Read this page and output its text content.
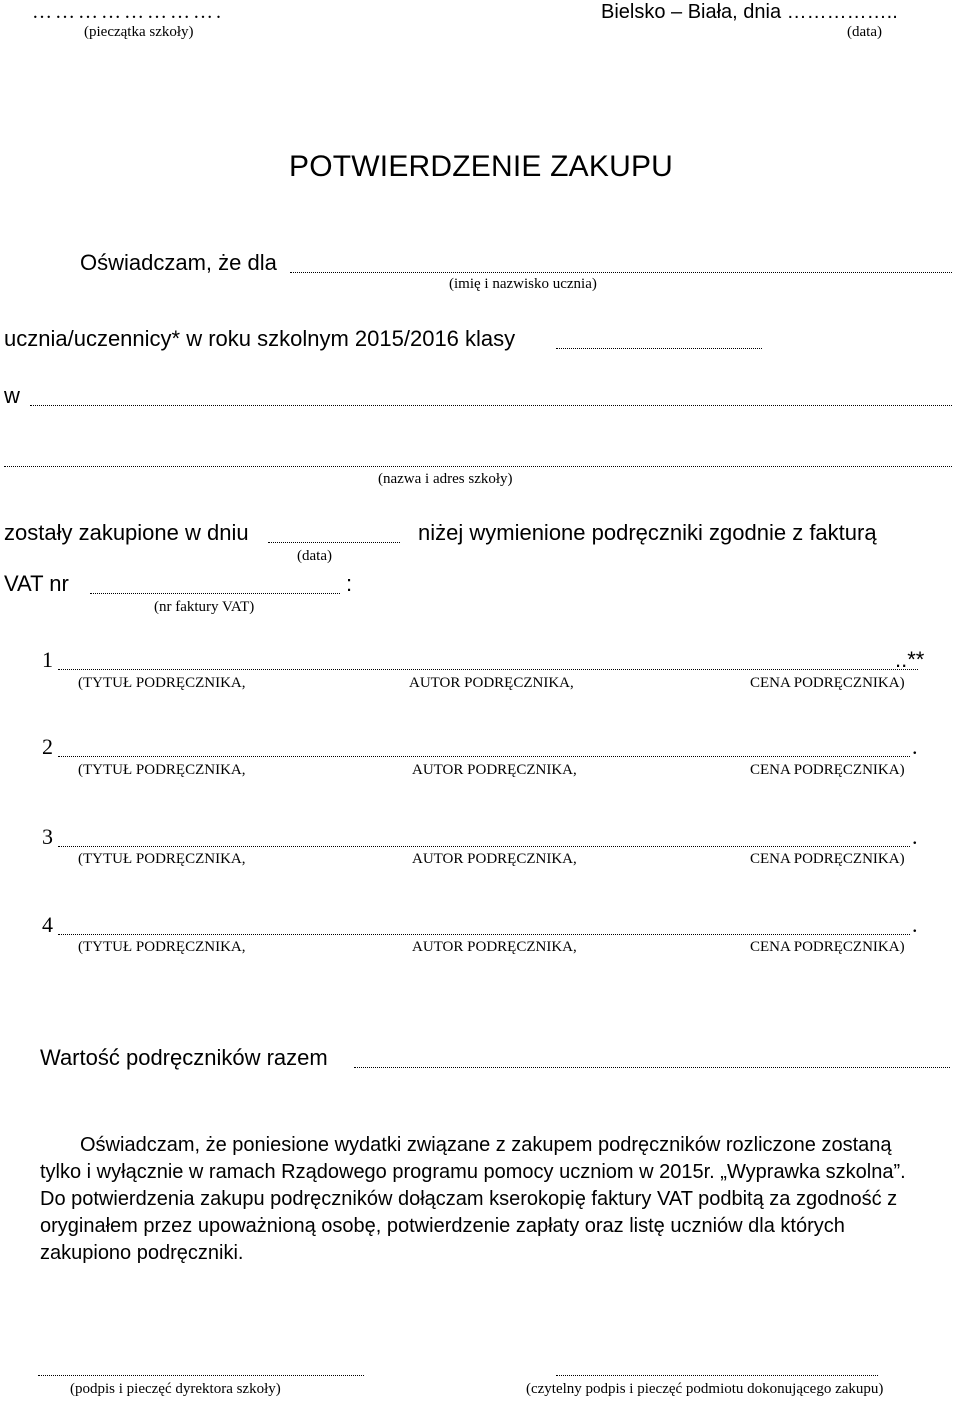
…………………….
(pieczątka szkoły)
Bielsko – Biała, dnia ……………..
(data)
POTWIERDZENIE ZAKUPU
Oświadczam, że dla
(imię i nazwisko ucznia)
ucznia/uczennicy* w roku szkolnym 2015/2016 klasy
w
(nazwa i adres szkoły)
zostały zakupione w dniu	niżej wymienione podręczniki zgodnie z fakturą
(data)
VAT nr	:
(nr faktury VAT)
1	..**
(TYTUŁ PODRĘCZNIKA,	AUTOR PODRĘCZNIKA,	CENA PODRĘCZNIKA)
2	.
(TYTUŁ PODRĘCZNIKA,	AUTOR PODRĘCZNIKA,	CENA PODRĘCZNIKA)
3	.
(TYTUŁ PODRĘCZNIKA,	AUTOR PODRĘCZNIKA,	CENA PODRĘCZNIKA)
4	.
(TYTUŁ PODRĘCZNIKA,	AUTOR PODRĘCZNIKA,	CENA PODRĘCZNIKA)
Wartość podręczników razem
Oświadczam, że poniesione wydatki związane z zakupem podręczników rozliczone zostaną tylko i wyłącznie w ramach Rządowego programu pomocy uczniom w 2015r. „Wyprawka szkolna”. Do potwierdzenia zakupu podręczników dołączam kserokopię faktury VAT podbitą za zgodność z oryginałem przez upoważnioną osobę, potwierdzenie zapłaty oraz listę uczniów dla których zakupiono podręczniki.
(podpis i pieczęć dyrektora szkoły)	(czytelny podpis i pieczęć podmiotu dokonującego zakupu)
